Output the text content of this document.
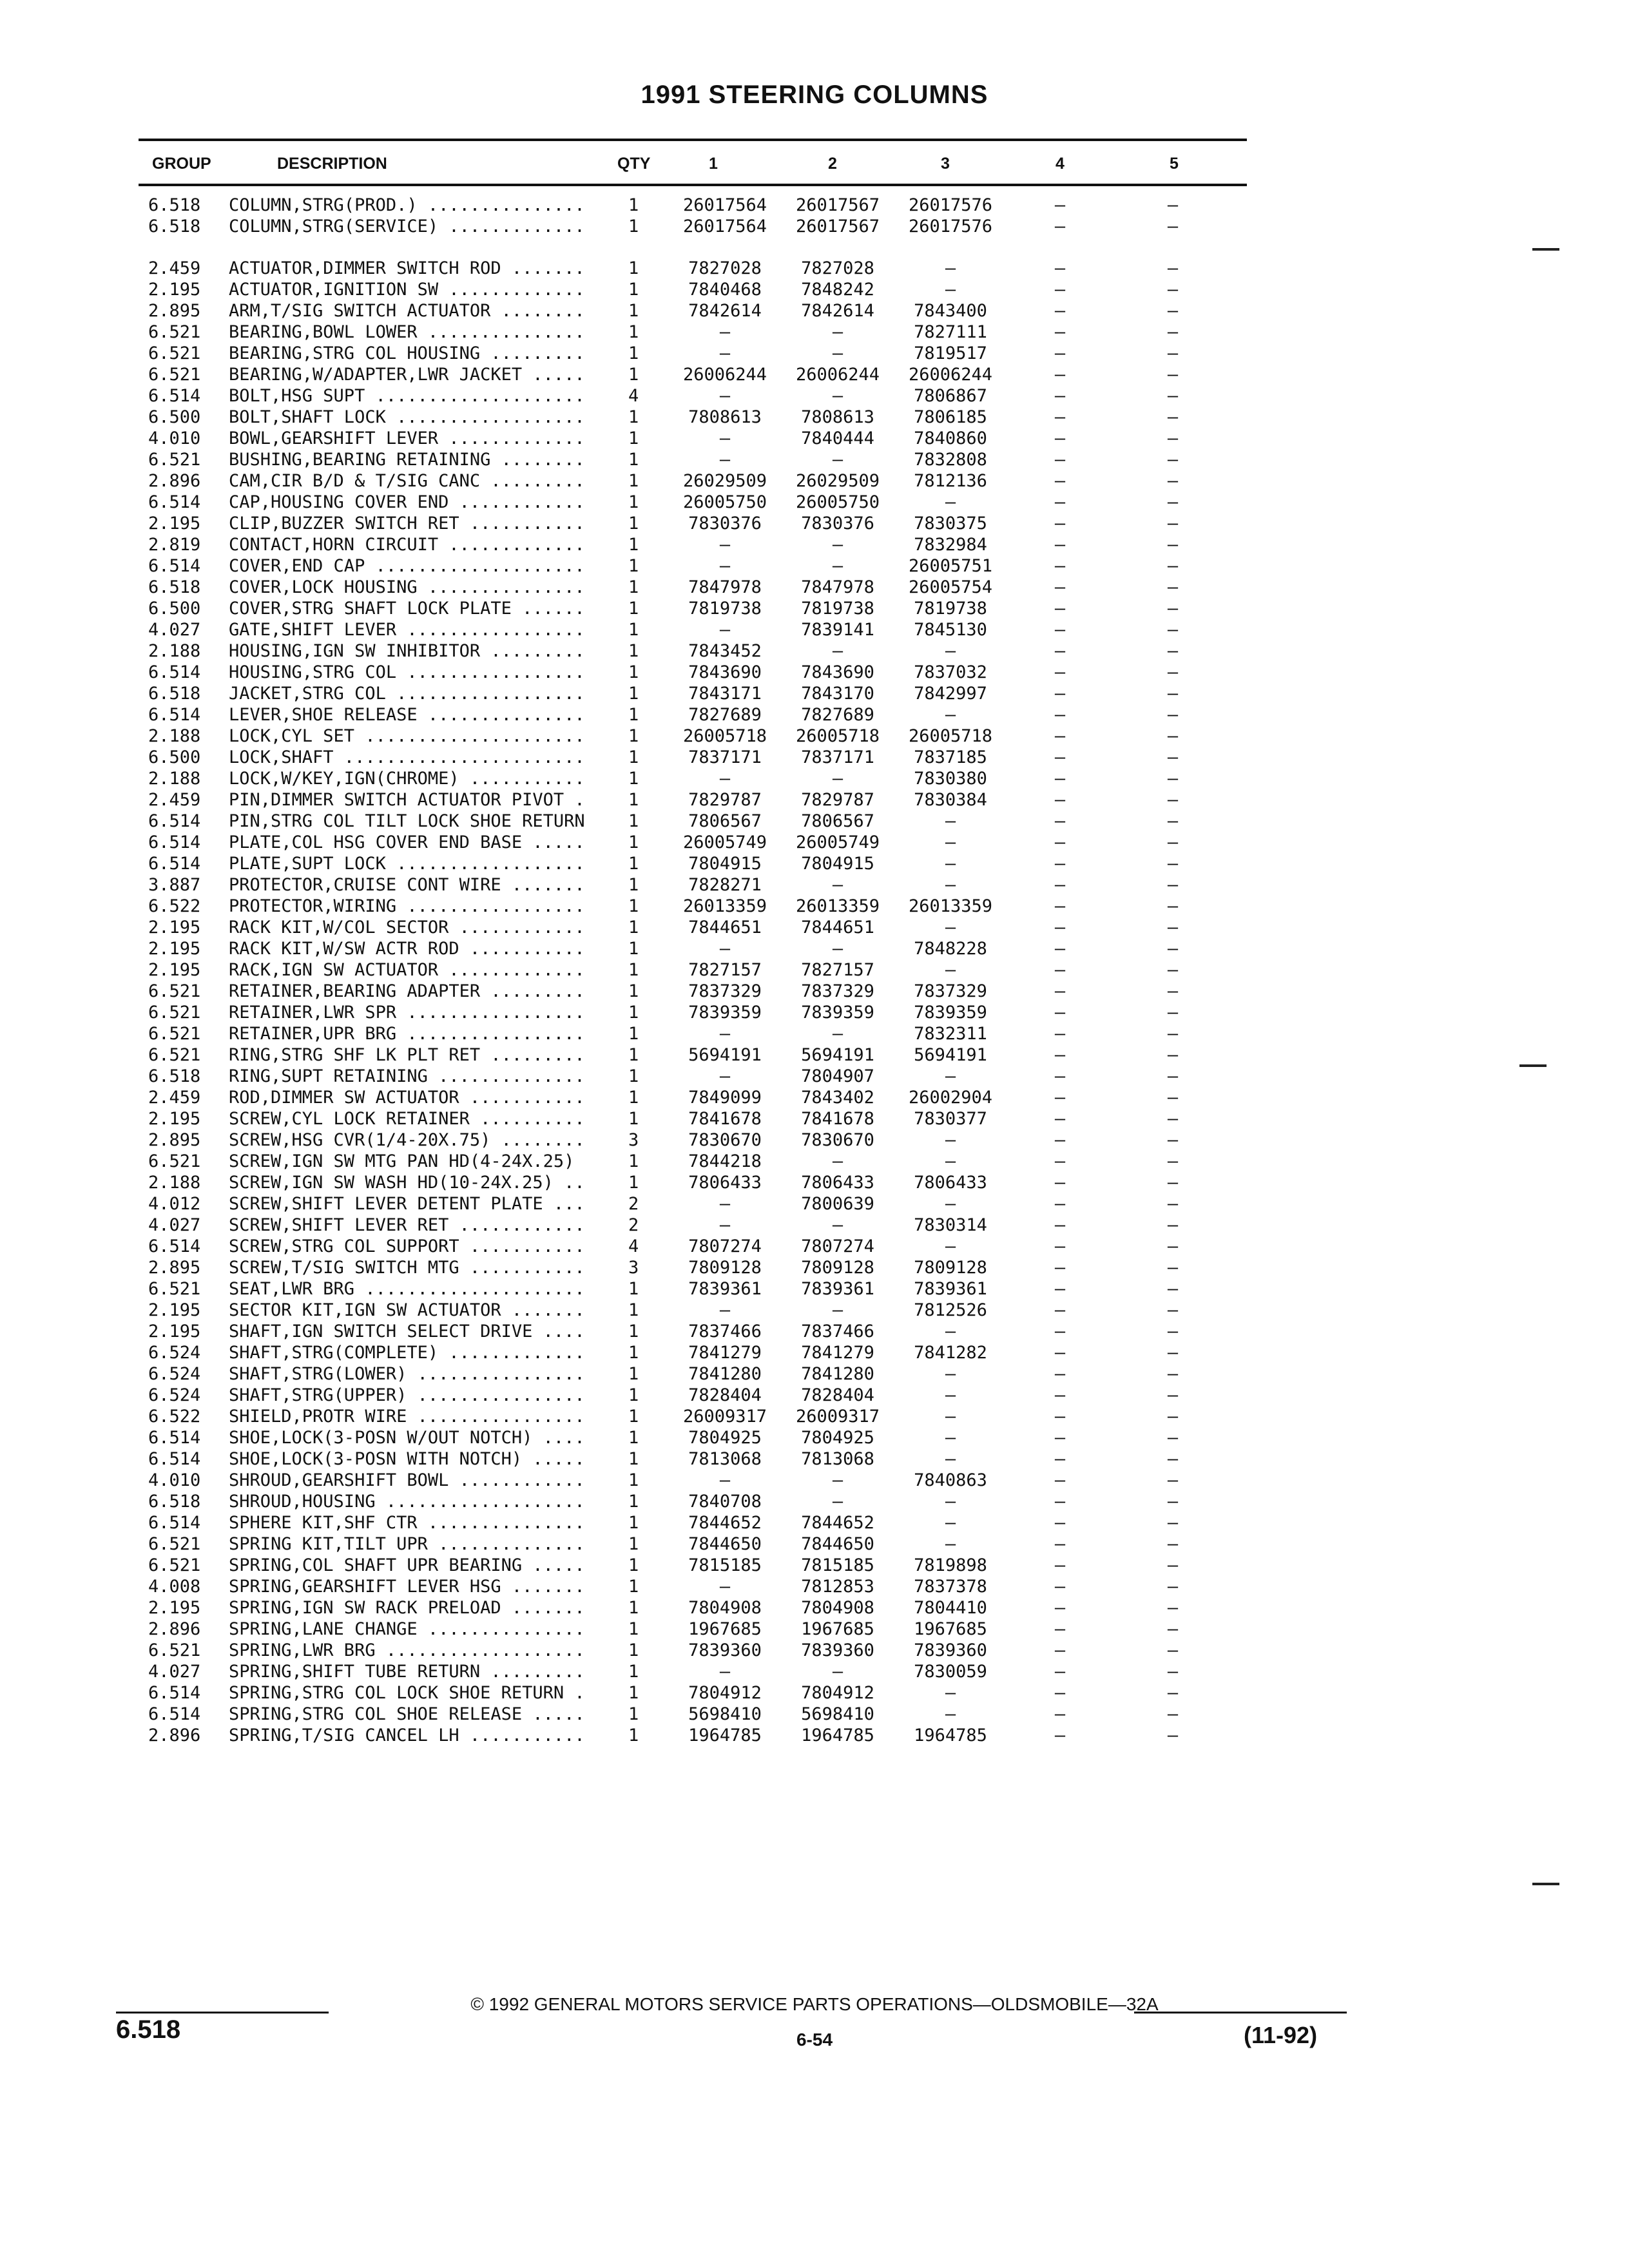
1991 STEERING COLUMNS
GROUP	DESCRIPTION	QTY	1	2	3	4	5
6.518 COLUMN,STRG(PROD.) ...............	1	26017564	26017567	26017576	—	—
6.518 COLUMN,STRG(SERVICE) .............	1	26017564	26017567	26017576	—	—
2.459 ACTUATOR,DIMMER SWITCH ROD .......	1	7827028	7827028	—	—	—
2.195 ACTUATOR,IGNITION SW .............	1	7840468	7848242	—	—	—
2.895 ARM,T/SIG SWITCH ACTUATOR ........	1	7842614	7842614	7843400	—	—
6.521 BEARING,BOWL LOWER ...............	1	—	—	7827111	—	—
6.521 BEARING,STRG COL HOUSING .........	1	—	—	7819517	—	—
6.521 BEARING,W/ADAPTER,LWR JACKET .....	1	26006244	26006244	26006244	—	—
6.514 BOLT,HSG SUPT ....................	4	—	—	7806867	—	—
6.500 BOLT,SHAFT LOCK ..................	1	7808613	7808613	7806185	—	—
4.010 BOWL,GEARSHIFT LEVER .............	1	—	7840444	7840860	—	—
6.521 BUSHING,BEARING RETAINING ........	1	—	—	7832808	—	—
2.896 CAM,CIR B/D & T/SIG CANC .........	1	26029509	26029509	7812136	—	—
6.514 CAP,HOUSING COVER END ............	1	26005750	26005750	—	—	—
2.195 CLIP,BUZZER SWITCH RET ...........	1	7830376	7830376	7830375	—	—
2.819 CONTACT,HORN CIRCUIT .............	1	—	—	7832984	—	—
6.514 COVER,END CAP ....................	1	—	—	26005751	—	—
6.518 COVER,LOCK HOUSING ...............	1	7847978	7847978	26005754	—	—
6.500 COVER,STRG SHAFT LOCK PLATE ......	1	7819738	7819738	7819738	—	—
4.027 GATE,SHIFT LEVER .................	1	—	7839141	7845130	—	—
2.188 HOUSING,IGN SW INHIBITOR .........	1	7843452	—	—	—	—
6.514 HOUSING,STRG COL .................	1	7843690	7843690	7837032	—	—
6.518 JACKET,STRG COL ..................	1	7843171	7843170	7842997	—	—
6.514 LEVER,SHOE RELEASE ...............	1	7827689	7827689	—	—	—
2.188 LOCK,CYL SET .....................	1	26005718	26005718	26005718	—	—
6.500 LOCK,SHAFT .......................	1	7837171	7837171	7837185	—	—
2.188 LOCK,W/KEY,IGN(CHROME) ...........	1	—	—	7830380	—	—
2.459 PIN,DIMMER SWITCH ACTUATOR PIVOT .	1	7829787	7829787	7830384	—	—
6.514 PIN,STRG COL TILT LOCK SHOE RETURN	1	7806567	7806567	—	—	—
6.514 PLATE,COL HSG COVER END BASE .....	1	26005749	26005749	—	—	—
6.514 PLATE,SUPT LOCK ..................	1	7804915	7804915	—	—	—
3.887 PROTECTOR,CRUISE CONT WIRE .......	1	7828271	—	—	—	—
6.522 PROTECTOR,WIRING .................	1	26013359	26013359	26013359	—	—
2.195 RACK KIT,W/COL SECTOR ............	1	7844651	7844651	—	—	—
2.195 RACK KIT,W/SW ACTR ROD ...........	1	—	—	7848228	—	—
2.195 RACK,IGN SW ACTUATOR .............	1	7827157	7827157	—	—	—
6.521 RETAINER,BEARING ADAPTER .........	1	7837329	7837329	7837329	—	—
6.521 RETAINER,LWR SPR .................	1	7839359	7839359	7839359	—	—
6.521 RETAINER,UPR BRG .................	1	—	—	7832311	—	—
6.521 RING,STRG SHF LK PLT RET .........	1	5694191	5694191	5694191	—	—
6.518 RING,SUPT RETAINING ..............	1	—	7804907	—	—	—
2.459 ROD,DIMMER SW ACTUATOR ...........	1	7849099	7843402	26002904	—	—
2.195 SCREW,CYL LOCK RETAINER ..........	1	7841678	7841678	7830377	—	—
2.895 SCREW,HSG CVR(1/4-20X.75) ........	3	7830670	7830670	—	—	—
6.521 SCREW,IGN SW MTG PAN HD(4-24X.25)	1	7844218	—	—	—	—
2.188 SCREW,IGN SW WASH HD(10-24X.25) ..	1	7806433	7806433	7806433	—	—
4.012 SCREW,SHIFT LEVER DETENT PLATE ...	2	—	7800639	—	—	—
4.027 SCREW,SHIFT LEVER RET ............	2	—	—	7830314	—	—
6.514 SCREW,STRG COL SUPPORT ...........	4	7807274	7807274	—	—	—
2.895 SCREW,T/SIG SWITCH MTG ...........	3	7809128	7809128	7809128	—	—
6.521 SEAT,LWR BRG .....................	1	7839361	7839361	7839361	—	—
2.195 SECTOR KIT,IGN SW ACTUATOR .......	1	—	—	7812526	—	—
2.195 SHAFT,IGN SWITCH SELECT DRIVE ....	1	7837466	7837466	—	—	—
6.524 SHAFT,STRG(COMPLETE) .............	1	7841279	7841279	7841282	—	—
6.524 SHAFT,STRG(LOWER) ................	1	7841280	7841280	—	—	—
6.524 SHAFT,STRG(UPPER) ................	1	7828404	7828404	—	—	—
6.522 SHIELD,PROTR WIRE ................	1	26009317	26009317	—	—	—
6.514 SHOE,LOCK(3-POSN W/OUT NOTCH) ....	1	7804925	7804925	—	—	—
6.514 SHOE,LOCK(3-POSN WITH NOTCH) .....	1	7813068	7813068	—	—	—
4.010 SHROUD,GEARSHIFT BOWL ............	1	—	—	7840863	—	—
6.518 SHROUD,HOUSING ...................	1	7840708	—	—	—	—
6.514 SPHERE KIT,SHF CTR ...............	1	7844652	7844652	—	—	—
6.521 SPRING KIT,TILT UPR ..............	1	7844650	7844650	—	—	—
6.521 SPRING,COL SHAFT UPR BEARING .....	1	7815185	7815185	7819898	—	—
4.008 SPRING,GEARSHIFT LEVER HSG .......	1	—	7812853	7837378	—	—
2.195 SPRING,IGN SW RACK PRELOAD .......	1	7804908	7804908	7804410	—	—
2.896 SPRING,LANE CHANGE ...............	1	1967685	1967685	1967685	—	—
6.521 SPRING,LWR BRG ...................	1	7839360	7839360	7839360	—	—
4.027 SPRING,SHIFT TUBE RETURN .........	1	—	—	7830059	—	—
6.514 SPRING,STRG COL LOCK SHOE RETURN .	1	7804912	7804912	—	—	—
6.514 SPRING,STRG COL SHOE RELEASE .....	1	5698410	5698410	—	—	—
2.896 SPRING,T/SIG CANCEL LH ...........	1	1964785	1964785	1964785	—	—
© 1992 GENERAL MOTORS SERVICE PARTS OPERATIONS—OLDSMOBILE—32A
6-54
6.518	(11-92)
